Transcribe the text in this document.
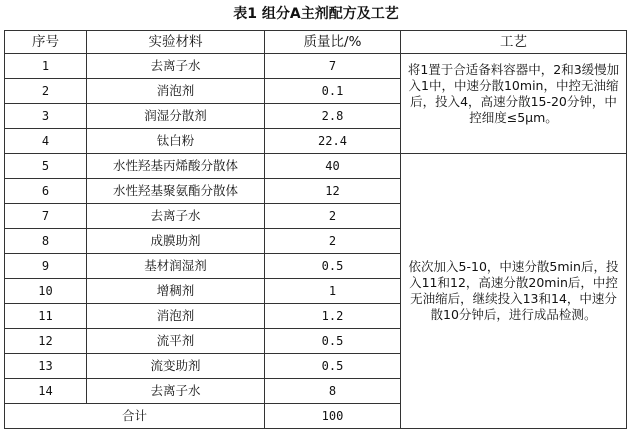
表1 组分A主剂配方及工艺
序号	实验材料	质量比/%	工艺
1	去离子水	7	将1置于合适备料容器中，2和3缓慢加入1中，中速分散10min，中控无油缩后，投入4，高速分散15-20分钟，中控细度≤5μm。
2	消泡剂	0.1	
3	润湿分散剂	2.8	
4	钛白粉	22.4	
5	水性羟基丙烯酸分散体	40	依次加入5-10，中速分散5min后，投入11和12，高速分散20min后，中控无油缩后，继续投入13和14，中速分散10分钟后，进行成品检测。
6	水性羟基聚氨酯分散体	12	
7	去离子水	2	
8	成膜助剂	2	
9	基材润湿剂	0.5	
10	增稠剂	1	
11	消泡剂	1.2	
12	流平剂	0.5	
13	流变助剂	0.5	
14	去离子水	8	
合计		100	
